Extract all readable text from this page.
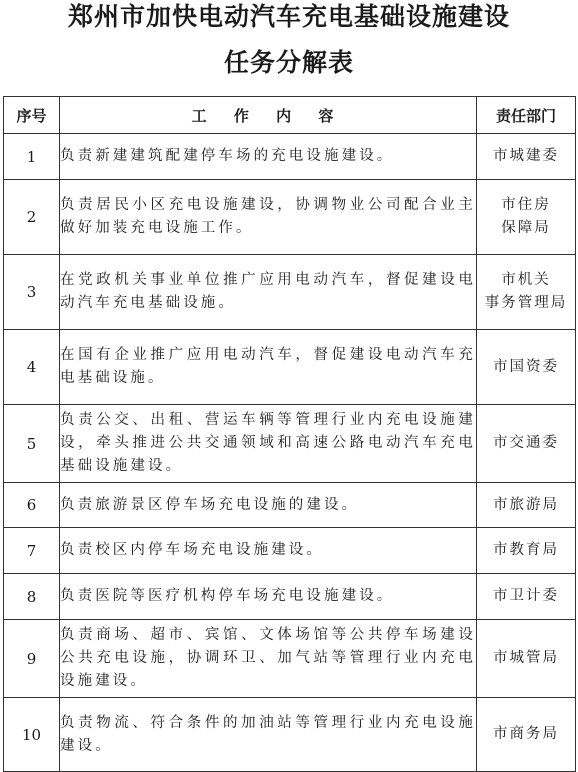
郑州市加快电动汽车充电基础设施建设
任务分解表
序号	工 作 内 容	责任部门
1	负责新建建筑配建停车场的充电设施建设。	市城建委
2	负责居民小区充电设施建设，协调物业公司配合业主做好加装充电设施工作。	市住房
保障局
3	在党政机关事业单位推广应用电动汽车，督促建设电动汽车充电基础设施。	市机关
事务管理局
4	在国有企业推广应用电动汽车，督促建设电动汽车充电基础设施。	市国资委
5	负责公交、出租、营运车辆等管理行业内充电设施建设，牵头推进公共交通领域和高速公路电动汽车充电基础设施建设。	市交通委
6	负责旅游景区停车场充电设施的建设。	市旅游局
7	负责校区内停车场充电设施建设。	市教育局
8	负责医院等医疗机构停车场充电设施建设。	市卫计委
9	负责商场、超市、宾馆、文体场馆等公共停车场建设公共充电设施，协调环卫、加气站等管理行业内充电设施建设。	市城管局
10	负责物流、符合条件的加油站等管理行业内充电设施建设。	市商务局
